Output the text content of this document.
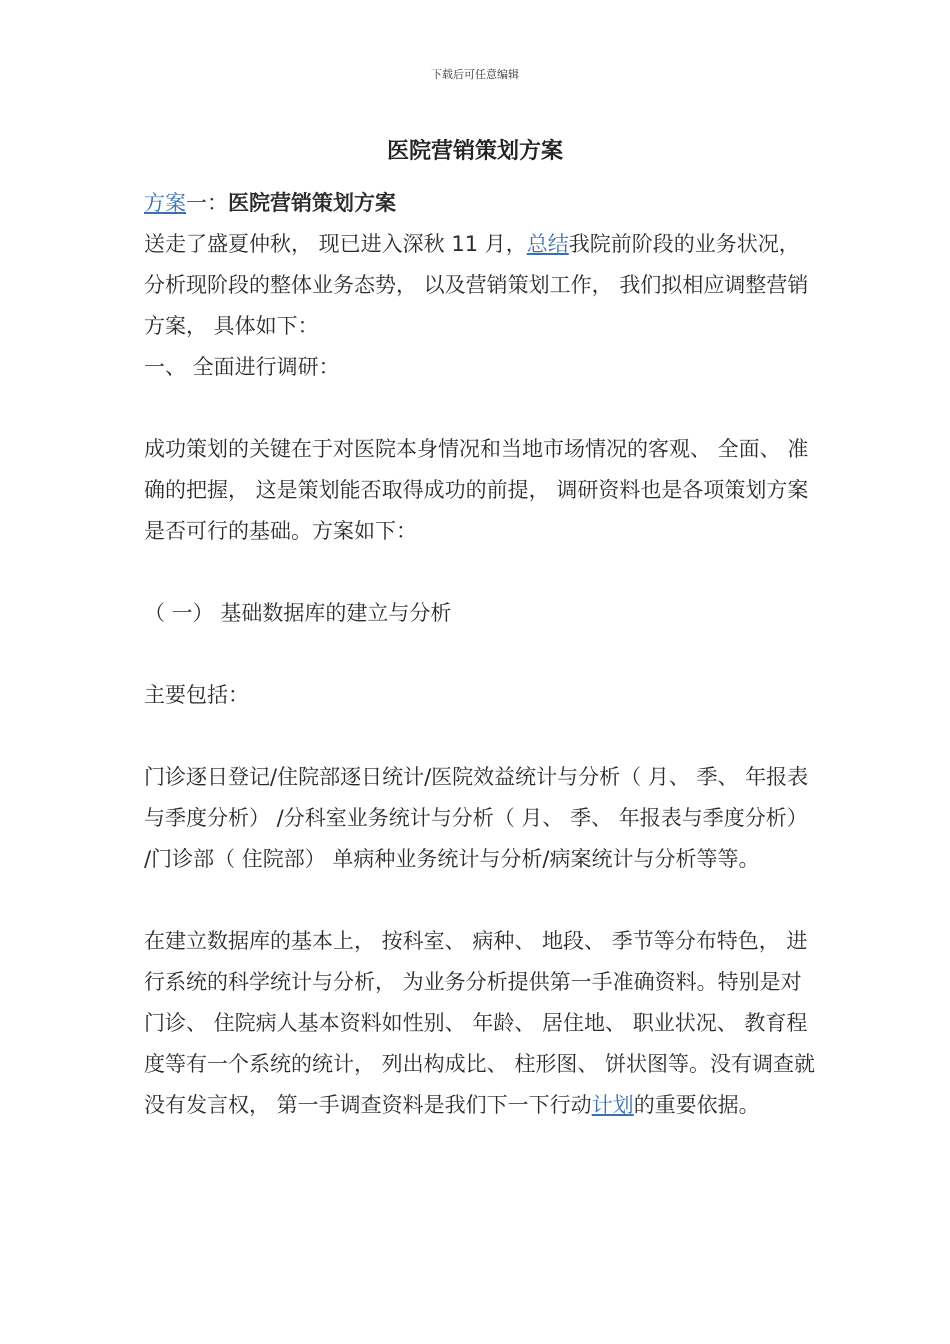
下载后可任意编辑
医院营销策划方案

方案一：医院营销策划方案

送走了盛夏仲秋， 现已进入深秋 11 月，总结我院前阶段的业务状况， 分析现阶段的整体业务态势， 以及营销策划工作， 我们拟相应调整营销方案， 具体如下：

一、 全面进行调研：

成功策划的关键在于对医院本身情况和当地市场情况的客观、 全面、 准确的把握， 这是策划能否取得成功的前提， 调研资料也是各项策划方案是否可行的基础。方案如下：

（ 一） 基础数据库的建立与分析

主要包括：

门诊逐日登记/住院部逐日统计/医院效益统计与分析（ 月、 季、 年报表与季度分析） /分科室业务统计与分析（ 月、 季、 年报表与季度分析） /门诊部（ 住院部） 单病种业务统计与分析/病案统计与分析等等。

在建立数据库的基本上， 按科室、 病种、 地段、 季节等分布特色， 进行系统的科学统计与分析， 为业务分析提供第一手准确资料。特别是对门诊、 住院病人基本资料如性别、 年龄、 居住地、 职业状况、 教育程度等有一个系统的统计， 列出构成比、 柱形图、 饼状图等。没有调查就没有发言权， 第一手调查资料是我们下一下行动计划的重要依据。
